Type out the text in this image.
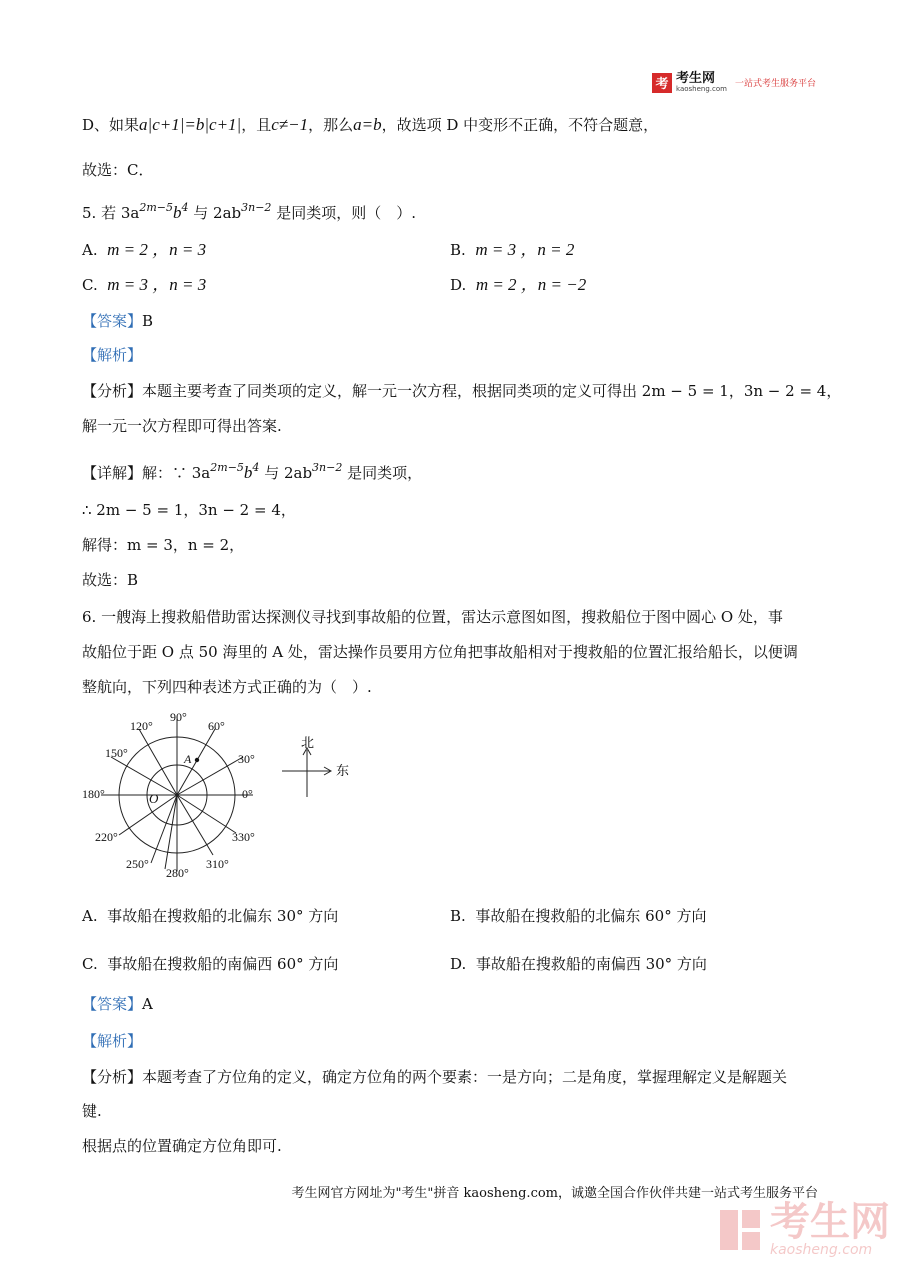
考 考生网
kaosheng.com 一站式考生服务平台
D、如果a|c+1|=b|c+1|，且c≠−1，那么a=b，故选项 D 中变形不正确，不符合题意，
故选：C．
5. 若 $3a^{2m-5}b^4$ 与 $2ab^{3n-2}$ 是同类项，则（　）.
A. m = 2 ，n = 3	B. m = 3 ，n = 2
C. m = 3 ，n = 3	D. m = 2 ，n = −2
【答案】B
【解析】
【分析】本题主要考查了同类项的定义，解一元一次方程，根据同类项的定义可得出 2m − 5 = 1，3n − 2 = 4，
解一元一次方程即可得出答案.
【详解】解：∵ $3a^{2m-5}b^4$ 与 $2ab^{3n-2}$ 是同类项，
∴ 2m − 5 = 1，3n − 2 = 4，
解得：m = 3，n = 2，
故选：B
6. 一艘海上搜救船借助雷达探测仪寻找到事故船的位置，雷达示意图如图，搜救船位于图中圆心 O 处，事
故船位于距 O 点 50 海里的 A 处，雷达操作员要用方位角把事故船相对于搜救船的位置汇报给船长，以便调
整航向，下列四种表述方式正确的为（　）.
0°
30°
60°
90°
120°
150°
180°
220°
250°
280°
310°
330°
O
A
北
东
A. 事故船在搜救船的北偏东 30° 方向	B. 事故船在搜救船的北偏东 60° 方向
C. 事故船在搜救船的南偏西 60° 方向	D. 事故船在搜救船的南偏西 30° 方向
【答案】A
【解析】
【分析】本题考查了方位角的定义，确定方位角的两个要素：一是方向；二是角度，掌握理解定义是解题关
键.
根据点的位置确定方位角即可.
考生网官方网址为"考生"拼音 kaosheng.com，诚邀全国合作伙伴共建一站式考生服务平台
考生网
kaosheng.com
